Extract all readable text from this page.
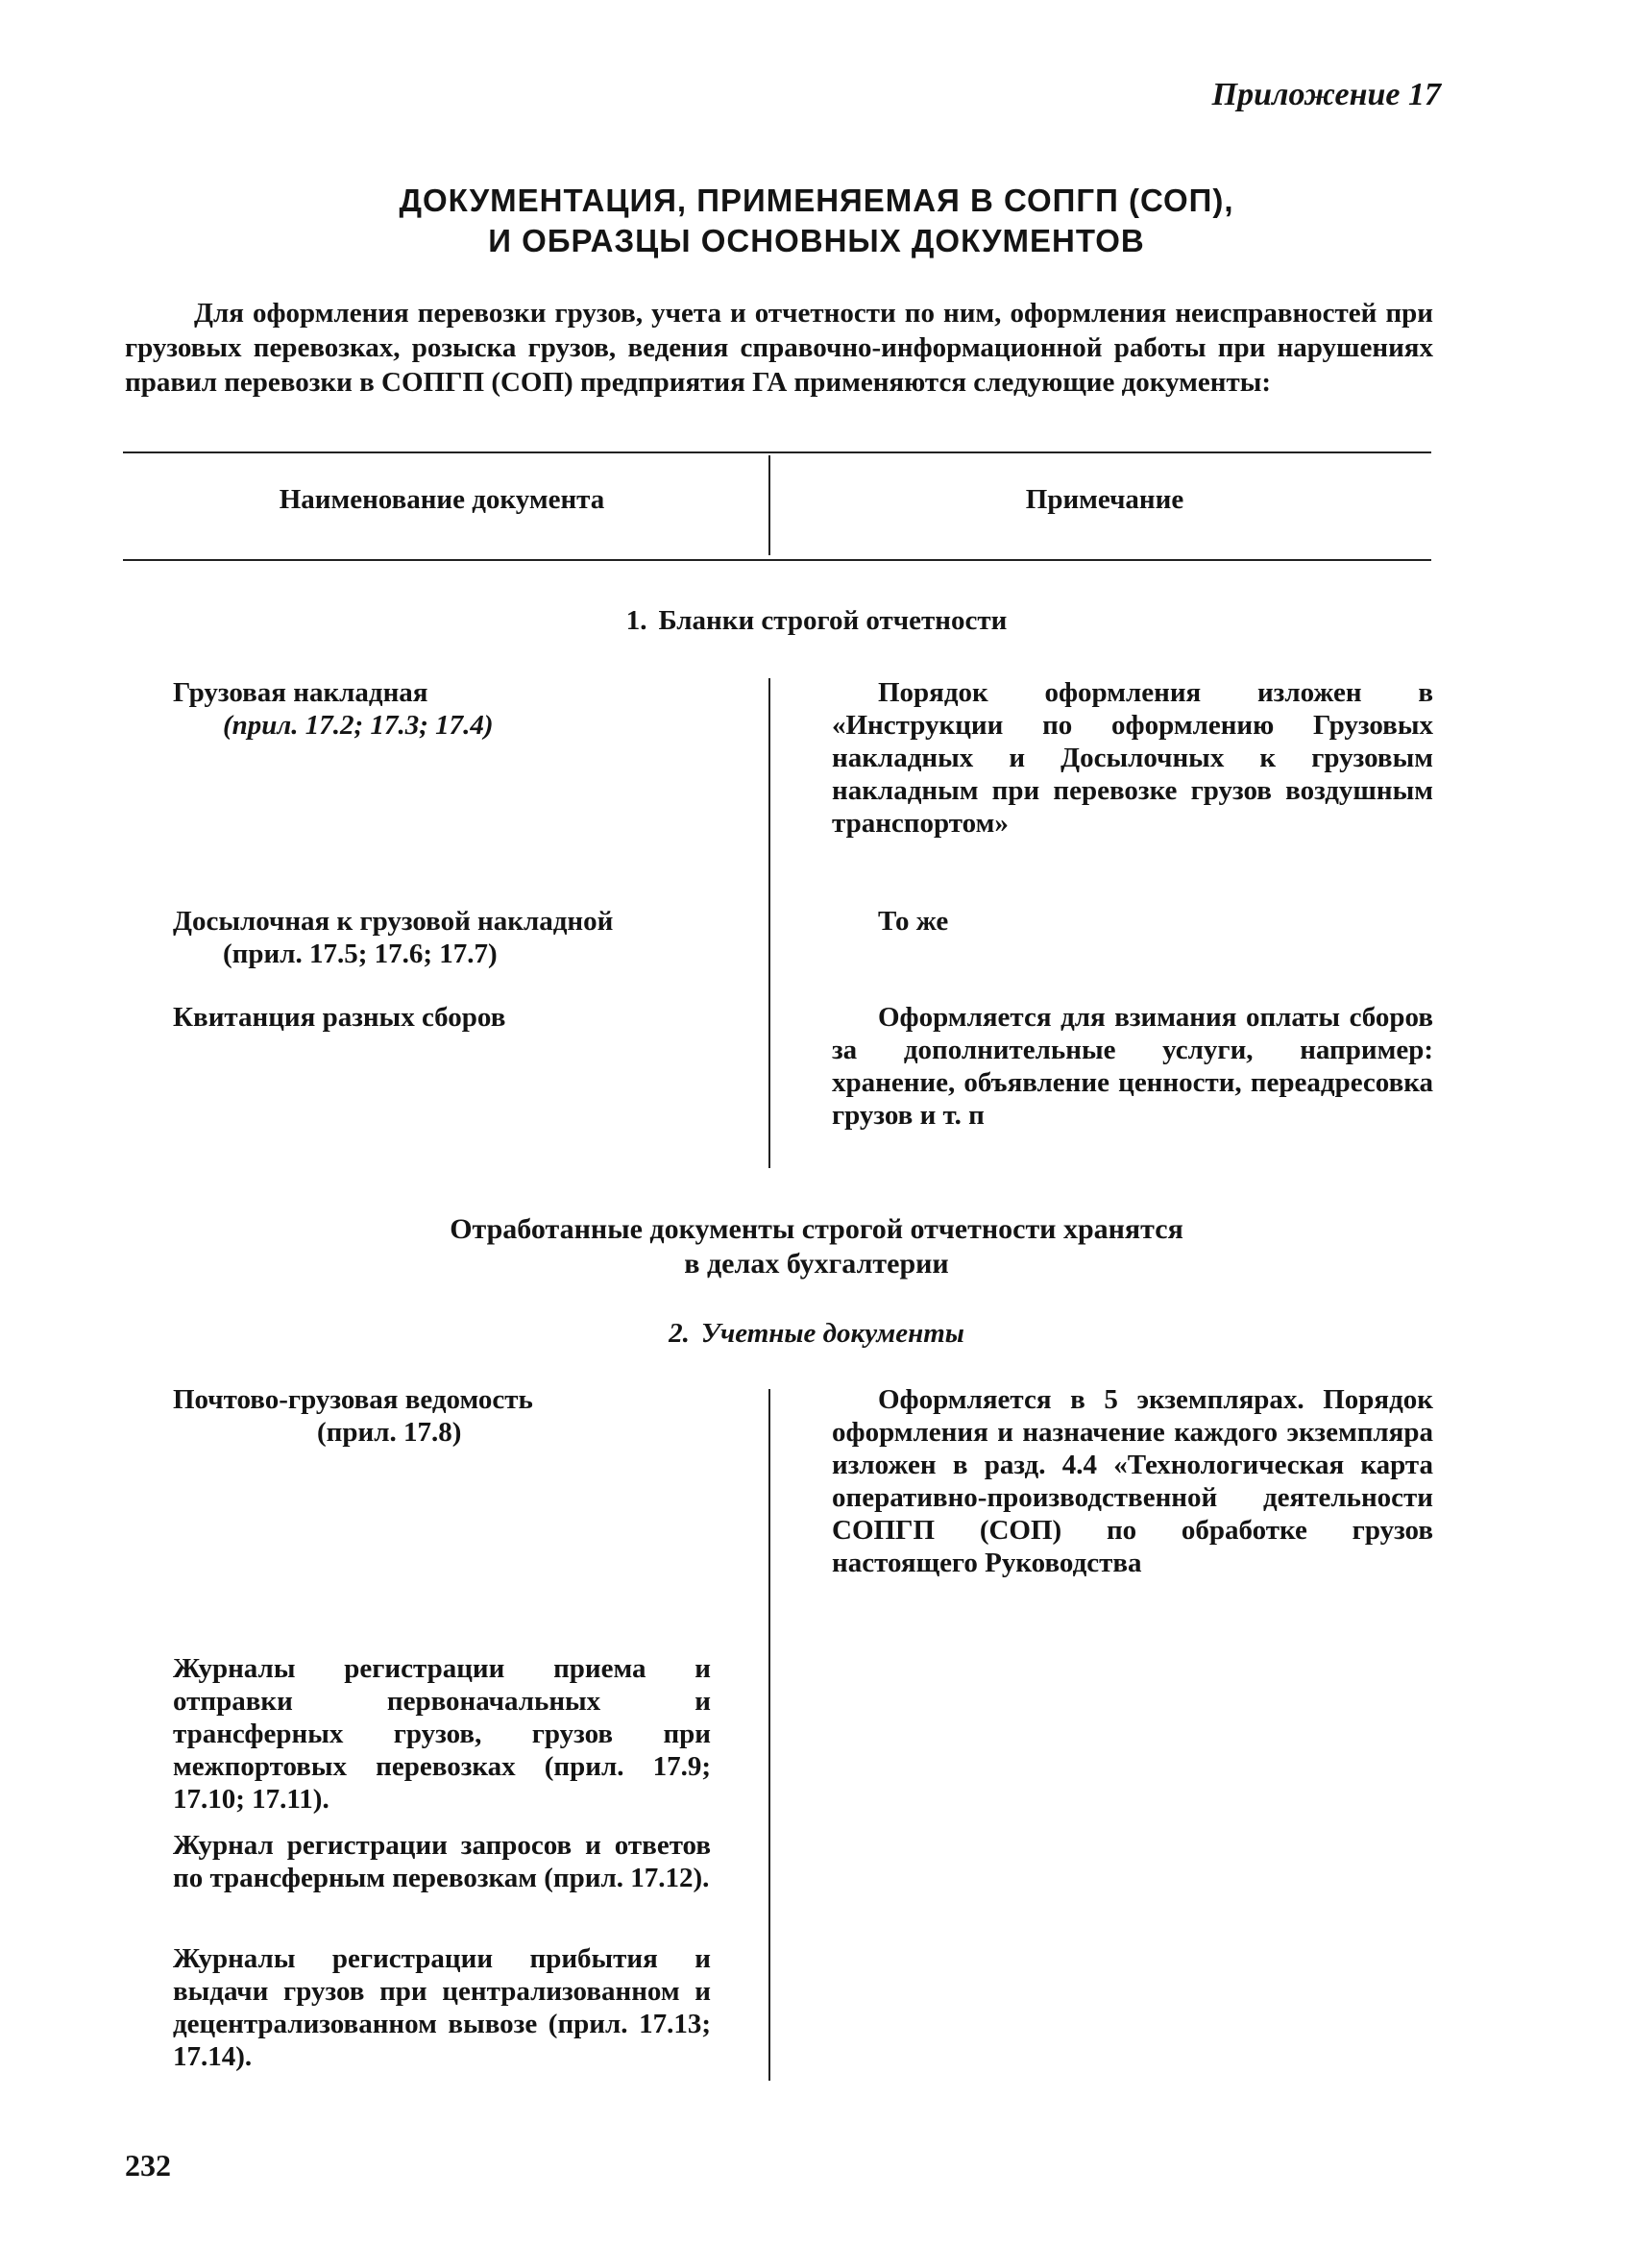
Приложение 17
ДОКУМЕНТАЦИЯ, ПРИМЕНЯЕМАЯ В СОПГП (СОП),
И ОБРАЗЦЫ ОСНОВНЫХ ДОКУМЕНТОВ
Для оформления перевозки грузов, учета и отчетности по ним, оформления неисправностей при грузовых перевозках, розыска грузов, ведения справочно-информационной работы при нарушениях правил перевозки в СОПГП (СОП) предприятия ГА применяются следующие документы:
Наименование документа	Примечание
1. Бланки строгой отчетности
Грузовая накладная
(прил. 17.2; 17.3; 17.4)
Порядок оформления изложен в «Инструкции по оформлению Грузовых накладных и Досылочных к грузовым накладным при перевозке грузов воздушным транспортом»
Досылочная к грузовой накладной
(прил. 17.5; 17.6; 17.7)
То же
Квитанция разных сборов	Оформляется для взимания оплаты сборов за дополнительные услуги, например: хранение, объявление ценности, переадресовка грузов и т. п
Отработанные документы строгой отчетности хранятся
в делах бухгалтерии
2. Учетные документы
Почтово-грузовая ведомость
(прил. 17.8)
Оформляется в 5 экземплярах. Порядок оформления и назначение каждого экземпляра изложен в разд. 4.4 «Технологическая карта оперативно-производственной деятельности СОПГП (СОП) по обработке грузов настоящего Руководства
Журналы регистрации приема и отправки первоначальных и трансферных грузов, грузов при межпортовых перевозках (прил. 17.9; 17.10; 17.11).
Журнал регистрации запросов и ответов по трансферным перевозкам (прил. 17.12).
Журналы регистрации прибытия и выдачи грузов при централизованном и децентрализованном вывозе (прил. 17.13; 17.14).
232
